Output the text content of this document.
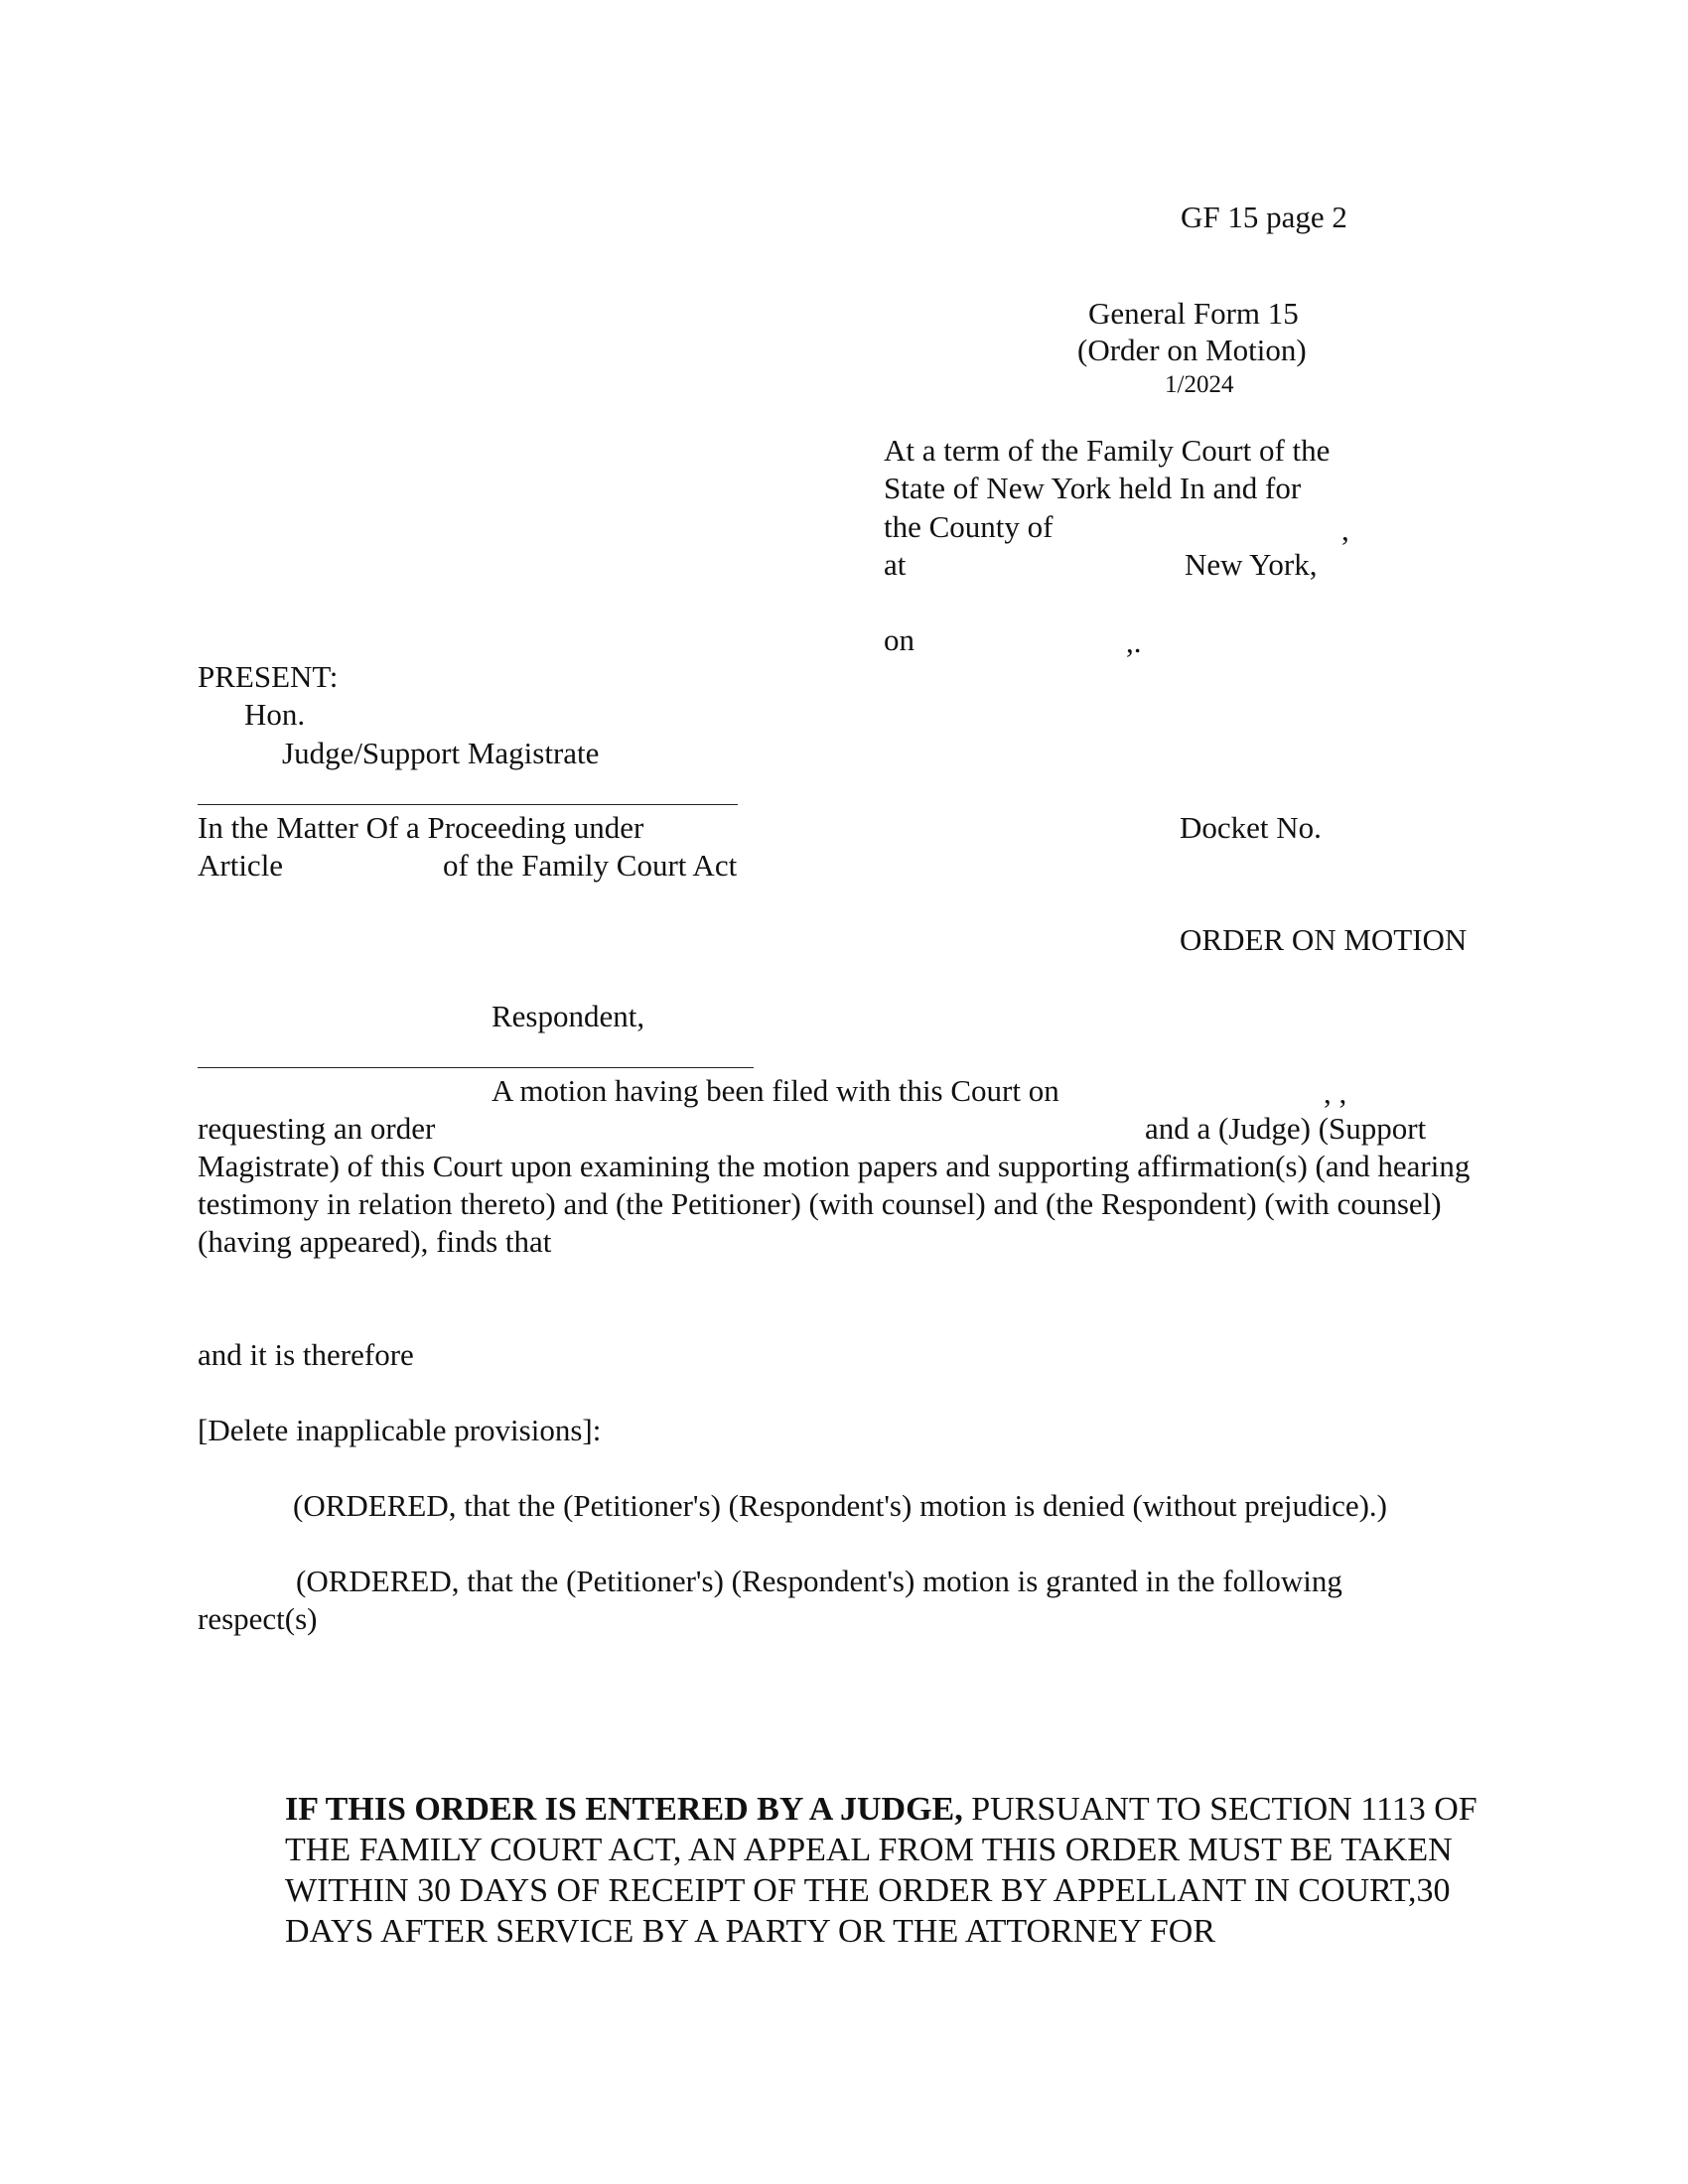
GF 15 page 2
General Form 15
(Order on Motion)
1/2024
At a term of the Family Court of the
State of New York held In and for
the County of	,
at	New York,
on	,.
PRESENT:
Hon.
Judge/Support Magistrate
In the Matter Of a Proceeding under
Article	of the Family Court Act
Docket No.
ORDER ON MOTION
Respondent,
A motion having been filed with this Court on	, ,
requesting an order	and a (Judge) (Support
Magistrate) of this Court upon examining the motion papers and supporting affirmation(s) (and hearing testimony in relation thereto) and (the Petitioner) (with counsel) and (the Respondent) (with counsel) (having appeared), finds that
and it is therefore
[Delete inapplicable provisions]:
(ORDERED, that the (Petitioner's) (Respondent's) motion is denied (without prejudice).)
(ORDERED, that the (Petitioner's) (Respondent's) motion is granted in the following
respect(s)
IF THIS ORDER IS ENTERED BY A JUDGE, PURSUANT TO SECTION 1113 OF THE FAMILY COURT ACT, AN APPEAL FROM THIS ORDER MUST BE TAKEN WITHIN 30 DAYS OF RECEIPT OF THE ORDER BY APPELLANT IN COURT,30 DAYS AFTER SERVICE BY A PARTY OR THE ATTORNEY FOR
